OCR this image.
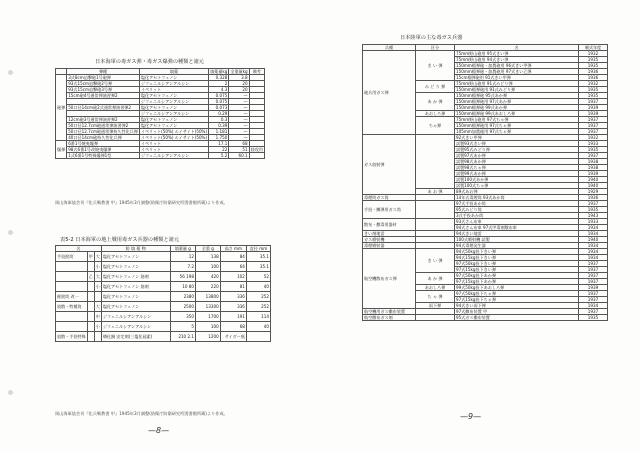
日本海軍の毒ガス弾・毒ガス爆弾の種類と諸元
	弾種	填薬	填薬量kg	全重量kg	備考
砲弾	3式8cm迫撃砲1号砲弾	塩化アセトフェノン	0.328	3.8	
	93式15cm迫撃砲2号弾	ジフェニルシアンアルシン	2	20	
	93式15cm迫撃砲3号弾	イペリット	4.3	20	
	15cm砲4号通常弾演習弾2	塩化アセトフェノン	0.075	—	
		ジフェニルシアンアルシン	0.075	—	
	50口径14cm砲2式通常弾演習弾2	塩化アセトフェノン	0.073	—	
		ジフェニルシアンアルシン	0.29	—	
	12cm砲3号通常弾演習弾2	塩化アセトフェノン	0.3	—	
	50口径12.7cm砲通常弾演習弾2	塩化アセトフェノン	0.39	—	
	50口径12.7cm砲通常弾持久性化兵弾	イペリット(50%) ルイサイト(50%)	1.181	—	
	40口径14cm砲持久性化兵弾	イペリット(50%) ルイサイト(50%)	1.750	—	
爆弾	6番1号焼夷爆弾	イペリット	17.1	68	
	98式6番1号改焼夷爆弾	イペリット	22	51	陸攻用
	1式6番1号特殊爆弾1型	ジフェニルシアンアルシン	5.2	60.1	
岡山海軍協会刊『化兵戦教書 甲』1945年3月調整(防衛庁防衛研究所図書館所蔵)より作成。
表5-2 日本海軍の地上戦用毒ガス兵器の種類と諸元
名			防 填 薬 物	填薬量 g	全重 g	高さ mm	直径 mm
手投涙筒	甲	大	塩化アセトフェノン	12	138	84	35.1
		小	塩化アセトフェノン	7.2	100	64	35.1
	乙	大	塩化アセトフェノン 筋剤	56 198	420	102	52
		小	塩化アセトフェノン 筋剤	10 80	220	81	40
催涙筒 改一			塩化アセトフェノン	2380	13800	336	252
放散・特種筒		大	塩化アセトフェノン	2500	13300	336	252
		中	ジフェニルシアンアルシン	350	1700	191	114
		小	ジフェニルシアンアルシン	5	100	68	40
放散・手投特殊			燐化銅 安定剤(三塩化硅素)	210 2.1	1200	サイダー瓶	
岡山海軍協会刊『化兵戦教書 甲』1945年3月調整(防衛庁防衛研究所図書館所蔵)より作成。
—8—
日本陸軍の主な毒ガス兵器
兵種	区分	名	制式年度
砲兵用ガス弾	き い 弾	75mm野山砲用 95式きい弾	1932
		75mm野山砲用 94式きい弾	1935
		150mm榴弾砲・加農砲用 96式きい甲弾	1935
		150mm榴弾砲・加農砲用 97式きい乙弾	1936
		15cm榴弾砲用 91式きい甲弾	1936
	み ど り 弾	75mm野山砲用 91式みどり弾	1932
		150mm榴弾砲用 91式みどり弾	1935
	あ か 弾	150mm榴弾砲 95式あか弾	1935
		150mm榴弾砲用 97式あか弾	1937
		150mm榴弾砲 99式あか弾	1939
	あおしろ弾	150mm榴弾砲 99式あおしろ弾	1939
	ちゃ弾	75mm野山砲用 97式ちゃ弾	1937
		150mm榴弾砲用 97式ちゃ弾	1937
		105mm加農砲用 97式ちゃ弾	1937
ガス放射弾		92式きい甲弾	1932
		試製93式きい弾	1933
		試製95式みどり弾	1935
		試製97式あか弾	1937
		試製98式あか弾	1938
		試製98式ちゃ弾	1938
		試製99式あか弾	1939
		試製100式あか弾	1940
		試製100式ちゃ弾	1940
	あ お 弾	89式あお弾	1929
毒煙筒ガス筒		14年式毒煙筒 93式あか筒	1936
手投・擲弾用ガス筒		97式手投あか筒	1937
		95式みどり筒	1935
		3式手投あか筒	1943
散布・撒毒用器材		93式さん布車	1933
		94式さん布車 97式甲毒剤散布車	1934
きい剤地雷		94式きい地雷	1934
ガス噴射機		100式噴射機 試製	1940
毒煙噴射器		94式毒煙発生器	1934
航空機散布ガス弾	き い 弾	94式50kg投下きい弾	1934
		94式15kg投下きい弾	1934
		97式50kg投下きい弾	1937
		97式15kg投下きい弾	1937
	あ か 弾	97式50kg投下あか弾	1937
		97式15kg投下あか弾	1937
	あおしろ弾	99式50kg投下あおしろ弾	1939
	ち ゃ 弾	97式50kg投下ちゃ弾	1937
		97式15kg投下ちゃ弾	1937
	雨下弾	94式きい雨下弾	1934
航空機用ガス撒布装置		97式撒布装置 甲	1937
航空撒布ガス剤		95式ガス撒布装置	1935
—9—
